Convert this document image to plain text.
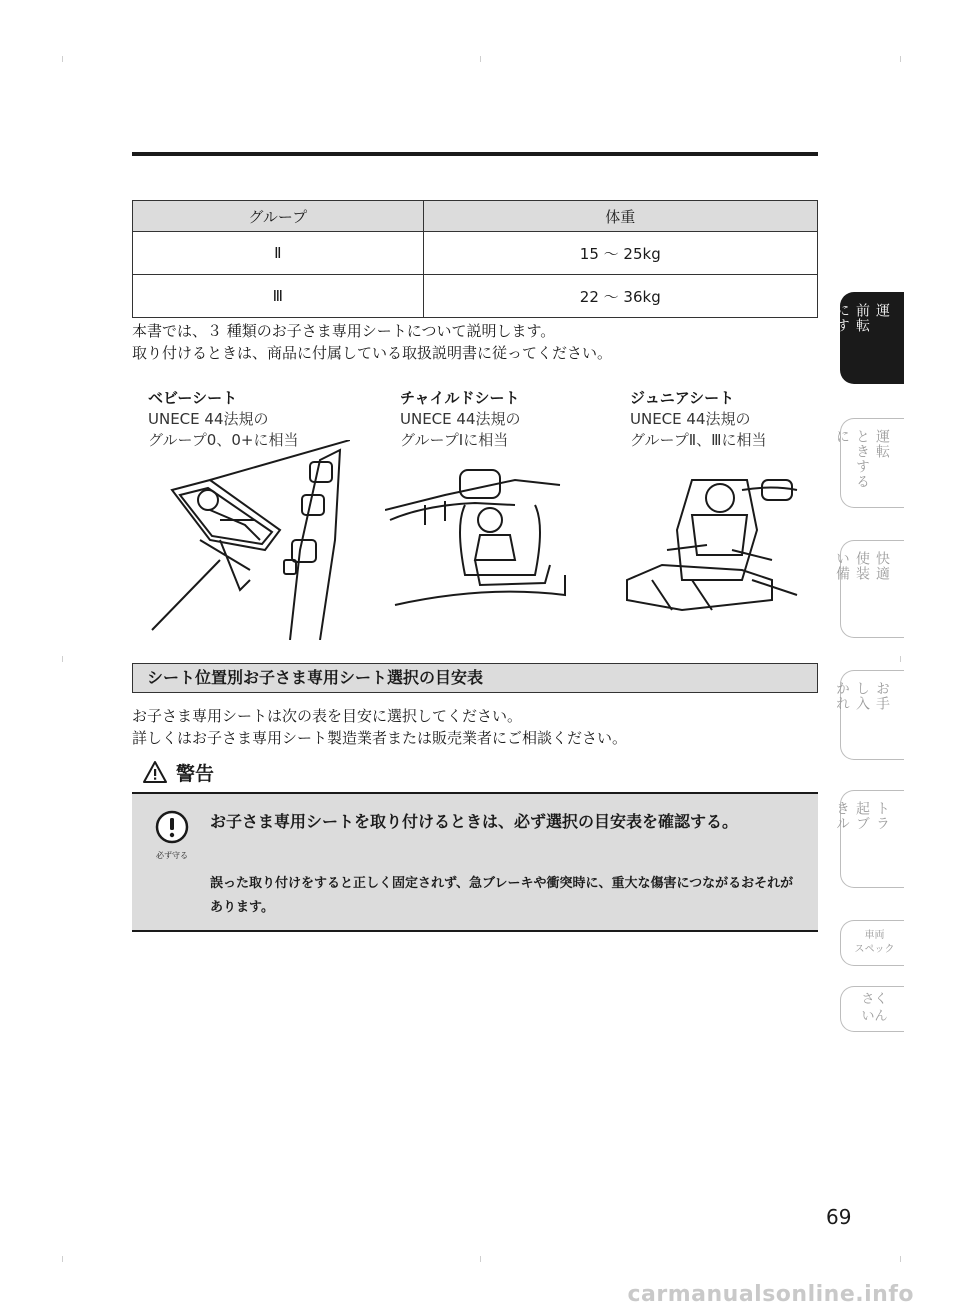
グループ	体重
Ⅱ	15 ～ 25kg
Ⅲ	22 ～ 36kg

本書では、３ 種類のお子さま専用シートについて説明します。
取り付けるときは、商品に付属している取扱説明書に従ってください。

ベビーシート
UNECE 44法規の
グループ0、0+に相当
チャイルドシート
UNECE 44法規の
グループⅠに相当
ジュニアシート
UNECE 44法規の
グループⅡ、Ⅲに相当
シート位置別お子さま専用シート選択の目安表

お子さま専用シートは次の表を目安に選択してください。
詳しくはお子さま専用シート製造業者または販売業者にご相談ください。

警告
必ず守る
お子さま専用シートを取り付けるときは、必ず選択の目安表を確認する。
誤った取り付けをすると正しく固定されず、急ブレーキや衝突時に、重大な傷害につながるおそれがあります。
運
前転
にす
運転
ときする
に
快適
使装
い備
お手
し入
かれ
トラ
起ブ
きル
車両
スペック
さく
いん
69
carmanualsonline.info
